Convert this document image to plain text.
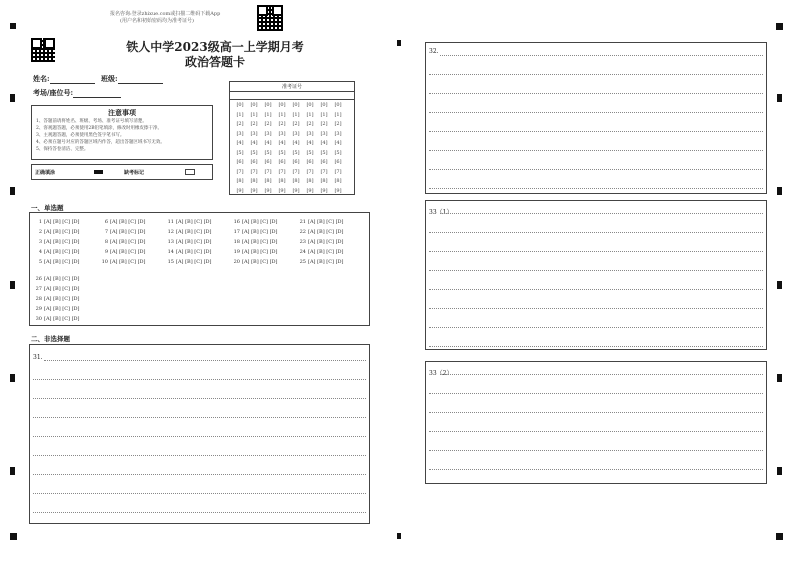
报名咨询:登录zhixue.com或扫描二维码下载App
(用户名和初始密码均为准考证号)
铁人中学2023级高一上学期月考
政治答题卡
姓名:	班级:
考场/座位号:
注意事项
1、答题前请将姓名、班级、考场、准考证号填写清楚。
2、客观题答题，必须使用2B铅笔填涂，修改时用橡皮擦干净。
3、主观题答题，必须使用黑色签字笔书写。
4、必须在题号对应的答题区域内作答，超出答题区域书写无效。
5、保持答卷清洁、完整。
正确填涂	缺考标记
准考证号
[0]	[0]	[0]	[0]	[0]	[0]	[0]	[0]
[1]	[1]	[1]	[1]	[1]	[1]	[1]	[1]
[2]	[2]	[2]	[2]	[2]	[2]	[2]	[2]
[3]	[3]	[3]	[3]	[3]	[3]	[3]	[3]
[4]	[4]	[4]	[4]	[4]	[4]	[4]	[4]
[5]	[5]	[5]	[5]	[5]	[5]	[5]	[5]
[6]	[6]	[6]	[6]	[6]	[6]	[6]	[6]
[7]	[7]	[7]	[7]	[7]	[7]	[7]	[7]
[8]	[8]	[8]	[8]	[8]	[8]	[8]	[8]
[9]	[9]	[9]	[9]	[9]	[9]	[9]	[9]
一、单选题
1 [A] [B] [C] [D]
2 [A] [B] [C] [D]
3 [A] [B] [C] [D]
4 [A] [B] [C] [D]
5 [A] [B] [C] [D]
6 [A] [B] [C] [D]
7 [A] [B] [C] [D]
8 [A] [B] [C] [D]
9 [A] [B] [C] [D]
10 [A] [B] [C] [D]
11 [A] [B] [C] [D]
12 [A] [B] [C] [D]
13 [A] [B] [C] [D]
14 [A] [B] [C] [D]
15 [A] [B] [C] [D]
16 [A] [B] [C] [D]
17 [A] [B] [C] [D]
18 [A] [B] [C] [D]
19 [A] [B] [C] [D]
20 [A] [B] [C] [D]
21 [A] [B] [C] [D]
22 [A] [B] [C] [D]
23 [A] [B] [C] [D]
24 [A] [B] [C] [D]
25 [A] [B] [C] [D]
26 [A] [B] [C] [D]
27 [A] [B] [C] [D]
28 [A] [B] [C] [D]
29 [A] [B] [C] [D]
30 [A] [B] [C] [D]
二、非选择题
31.
32.
33（1）
33（2）
